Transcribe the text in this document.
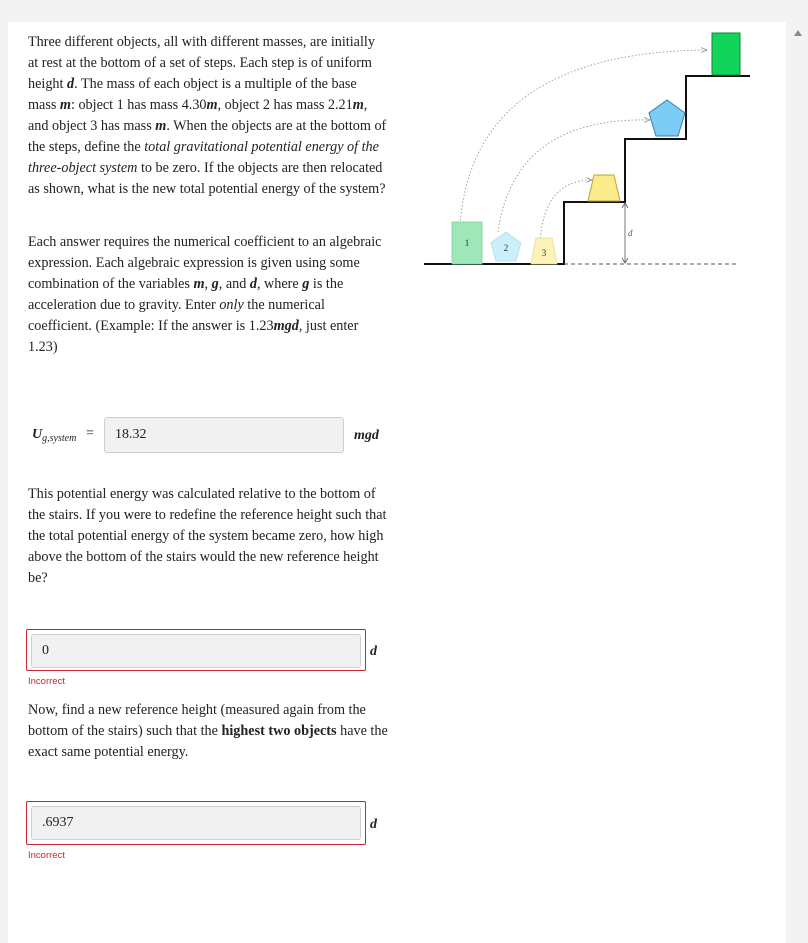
Three different objects, all with different masses, are initially at rest at the bottom of a set of steps. Each step is of uniform height d. The mass of each object is a multiple of the base mass m: object 1 has mass 4.30m, object 2 has mass 2.21m, and object 3 has mass m. When the objects are at the bottom of the steps, define the total gravitational potential energy of the three-object system to be zero. If the objects are then relocated as shown, what is the new total potential energy of the system?

Each answer requires the numerical coefficient to an algebraic expression. Each algebraic expression is given using some combination of the variables m, g, and d, where g is the acceleration due to gravity. Enter only the numerical coefficient. (Example: If the answer is 1.23mgd, just enter 1.23)

$U_{g,system}$ =	18.32	mgd

This potential energy was calculated relative to the bottom of the stairs. If you were to redefine the reference height such that the total potential energy of the system became zero, how high above the bottom of the stairs would the new reference height be?

0	d
Incorrect

Now, find a new reference height (measured again from the bottom of the stairs) such that the highest two objects have the exact same potential energy.

.6937	d
Incorrect
d
1	2	3
